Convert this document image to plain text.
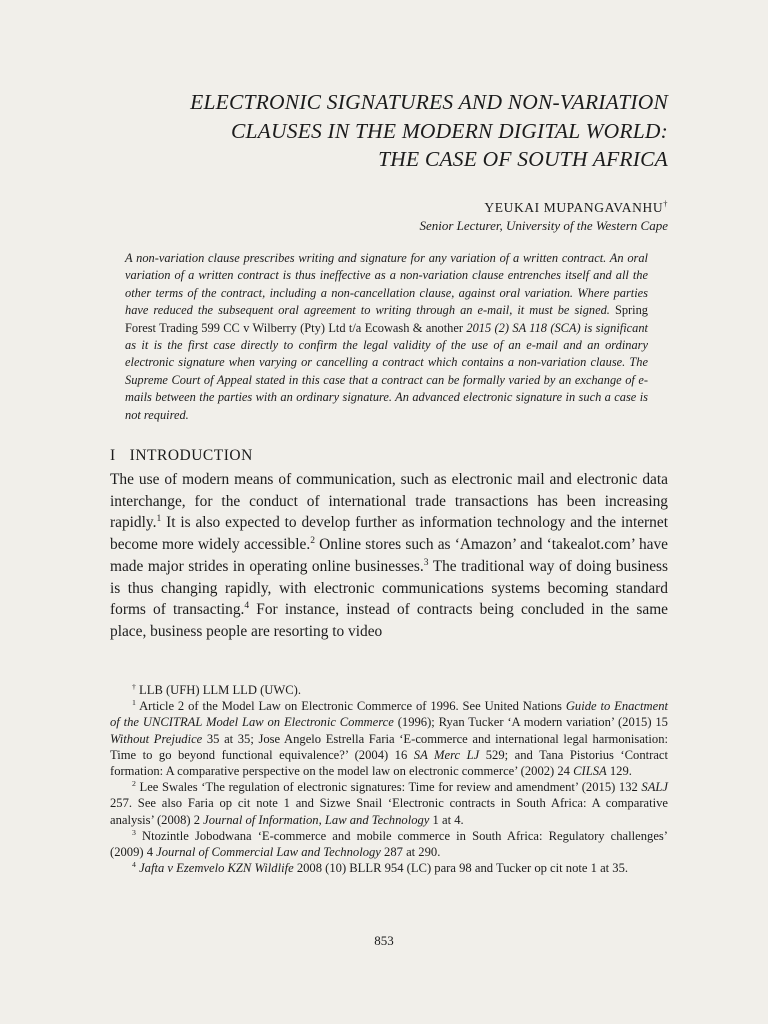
ELECTRONIC SIGNATURES AND NON-VARIATION CLAUSES IN THE MODERN DIGITAL WORLD: THE CASE OF SOUTH AFRICA
YEUKAI MUPANGAVANHU†
Senior Lecturer, University of the Western Cape

A non-variation clause prescribes writing and signature for any variation of a written contract. An oral variation of a written contract is thus ineffective as a non-variation clause entrenches itself and all the other terms of the contract, including a non-cancellation clause, against oral variation. Where parties have reduced the subsequent oral agreement to writing through an e-mail, it must be signed. Spring Forest Trading 599 CC v Wilberry (Pty) Ltd t/a Ecowash & another 2015 (2) SA 118 (SCA) is significant as it is the first case directly to confirm the legal validity of the use of an e-mail and an ordinary electronic signature when varying or cancelling a contract which contains a non-variation clause. The Supreme Court of Appeal stated in this case that a contract can be formally varied by an exchange of e-mails between the parties with an ordinary signature. An advanced electronic signature in such a case is not required.

I INTRODUCTION

The use of modern means of communication, such as electronic mail and electronic data interchange, for the conduct of international trade transactions has been increasing rapidly.$^1$ It is also expected to develop further as information technology and the internet become more widely accessible.$^2$ Online stores such as ‘Amazon’ and ‘takealot.com’ have made major strides in operating online businesses.$^3$ The traditional way of doing business is thus changing rapidly, with electronic communications systems becoming standard forms of transacting.$^4$ For instance, instead of contracts being concluded in the same place, business people are resorting to video

† LLB (UFH) LLM LLD (UWC).

$^1$ Article 2 of the Model Law on Electronic Commerce of 1996. See United Nations Guide to Enactment of the UNCITRAL Model Law on Electronic Commerce (1996); Ryan Tucker ‘A modern variation’ (2015) 15 Without Prejudice 35 at 35; Jose Angelo Estrella Faria ‘E-commerce and international legal harmonisation: Time to go beyond functional equivalence?’ (2004) 16 SA Merc LJ 529; and Tana Pistorius ‘Contract formation: A comparative perspective on the model law on electronic commerce’ (2002) 24 CILSA 129.

$^2$ Lee Swales ‘The regulation of electronic signatures: Time for review and amendment’ (2015) 132 SALJ 257. See also Faria op cit note 1 and Sizwe Snail ‘Electronic contracts in South Africa: A comparative analysis’ (2008) 2 Journal of Information, Law and Technology 1 at 4.

$^3$ Ntozintle Jobodwana ‘E-commerce and mobile commerce in South Africa: Regulatory challenges’ (2009) 4 Journal of Commercial Law and Technology 287 at 290.

$^4$ Jafta v Ezemvelo KZN Wildlife 2008 (10) BLLR 954 (LC) para 98 and Tucker op cit note 1 at 35.

853
